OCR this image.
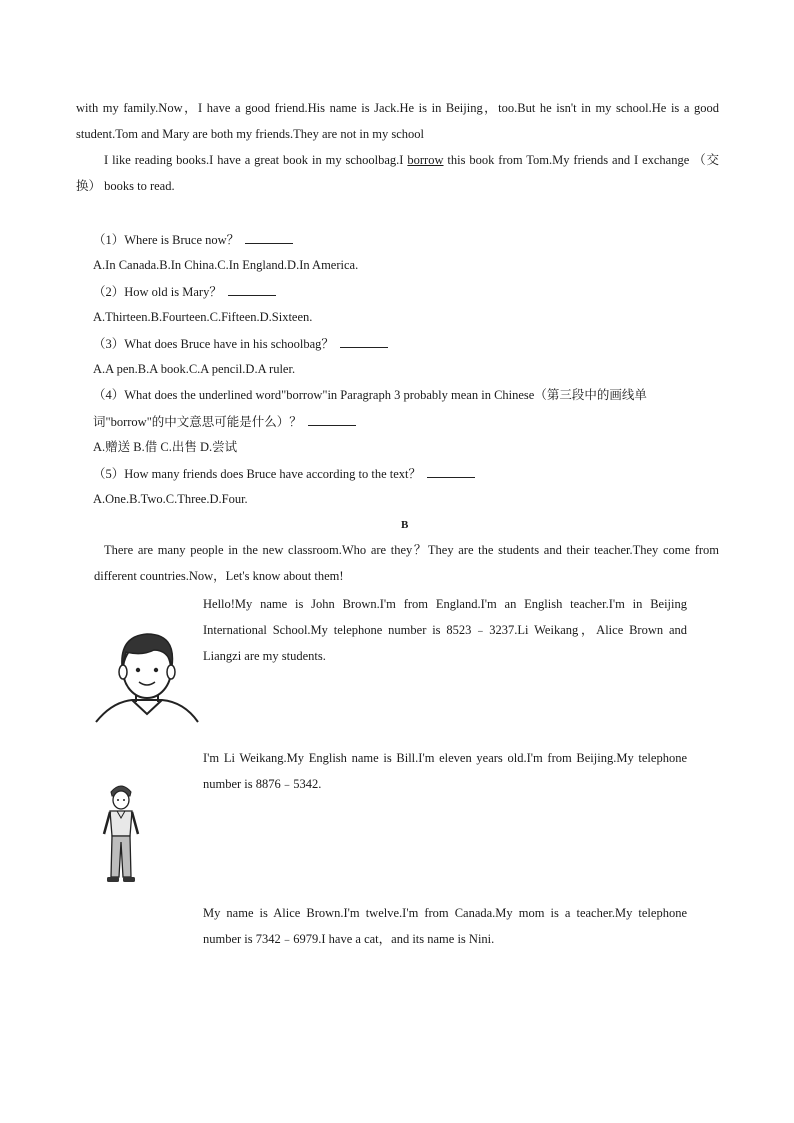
with my family.Now，I have a good friend.His name is Jack.He is in Beijing，too.But he isn't in my school.He is a good student.Tom and Mary are both my friends.They are not in my school

I like reading books.I have a great book in my schoolbag.I borrow this book from Tom.My friends and I exchange （交换） books to read.

（1）Where is Bruce now？
A.In Canada.B.In China.C.In England.D.In America.
（2）How old is Mary？
A.Thirteen.B.Fourteen.C.Fifteen.D.Sixteen.
（3）What does Bruce have in his schoolbag？
A.A pen.B.A book.C.A pencil.D.A ruler.
（4）What does the underlined word"borrow"in Paragraph 3 probably mean in Chinese（第三段中的画线单
词"borrow"的中文意思可能是什么）？
A.赠送 B.借 C.出售 D.尝试
（5）How many friends does Bruce have according to the text？
A.One.B.Two.C.Three.D.Four.
B

There are many people in the new classroom.Who are they？They are the students and their teacher.They come from different countries.Now，Let's know about them!

Hello!My name is John Brown.I'm from England.I'm an English teacher.I'm in Beijing International School.My telephone number is 8523﹣3237.Li Weikang，Alice Brown and Liangzi are my students.

I'm Li Weikang.My English name is Bill.I'm eleven years old.I'm from Beijing.My telephone number is 8876﹣5342.

My name is Alice Brown.I'm twelve.I'm from Canada.My mom is a teacher.My telephone number is 7342﹣6979.I have a cat，and its name is Nini.
